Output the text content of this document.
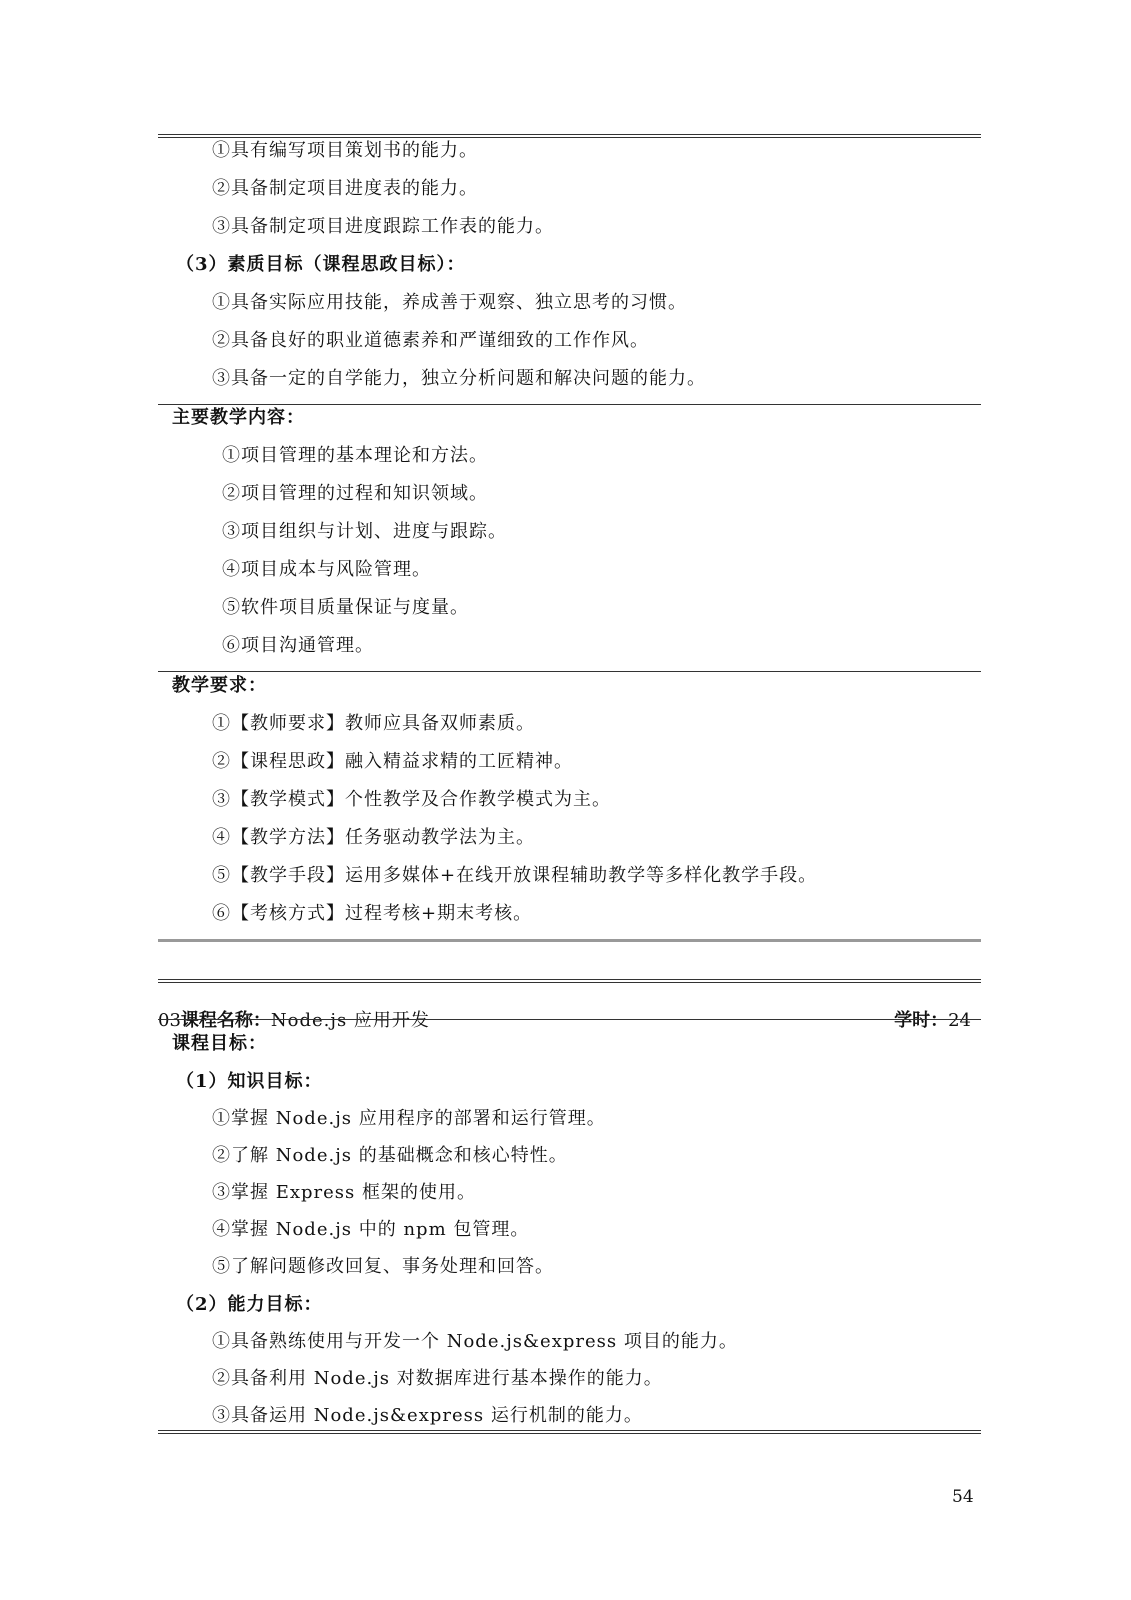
①具有编写项目策划书的能力。
②具备制定项目进度表的能力。
③具备制定项目进度跟踪工作表的能力。
（3）素质目标（课程思政目标）：
①具备实际应用技能，养成善于观察、独立思考的习惯。
②具备良好的职业道德素养和严谨细致的工作作风。
③具备一定的自学能力，独立分析问题和解决问题的能力。
主要教学内容：
①项目管理的基本理论和方法。
②项目管理的过程和知识领域。
③项目组织与计划、进度与跟踪。
④项目成本与风险管理。
⑤软件项目质量保证与度量。
⑥项目沟通管理。
教学要求：
①【教师要求】教师应具备双师素质。
②【课程思政】融入精益求精的工匠精神。
③【教学模式】个性教学及合作教学模式为主。
④【教学方法】任务驱动教学法为主。
⑤【教学手段】运用多媒体+在线开放课程辅助教学等多样化教学手段。
⑥【考核方式】过程考核+期末考核。
03课程名称：Node.js 应用开发	学时：24
课程目标：
（1）知识目标：
①掌握 Node.js 应用程序的部署和运行管理。
②了解 Node.js 的基础概念和核心特性。
③掌握 Express 框架的使用。
④掌握 Node.js 中的 npm 包管理。
⑤了解问题修改回复、事务处理和回答。
（2）能力目标：
①具备熟练使用与开发一个 Node.js&express 项目的能力。
②具备利用 Node.js 对数据库进行基本操作的能力。
③具备运用 Node.js&express 运行机制的能力。
54
